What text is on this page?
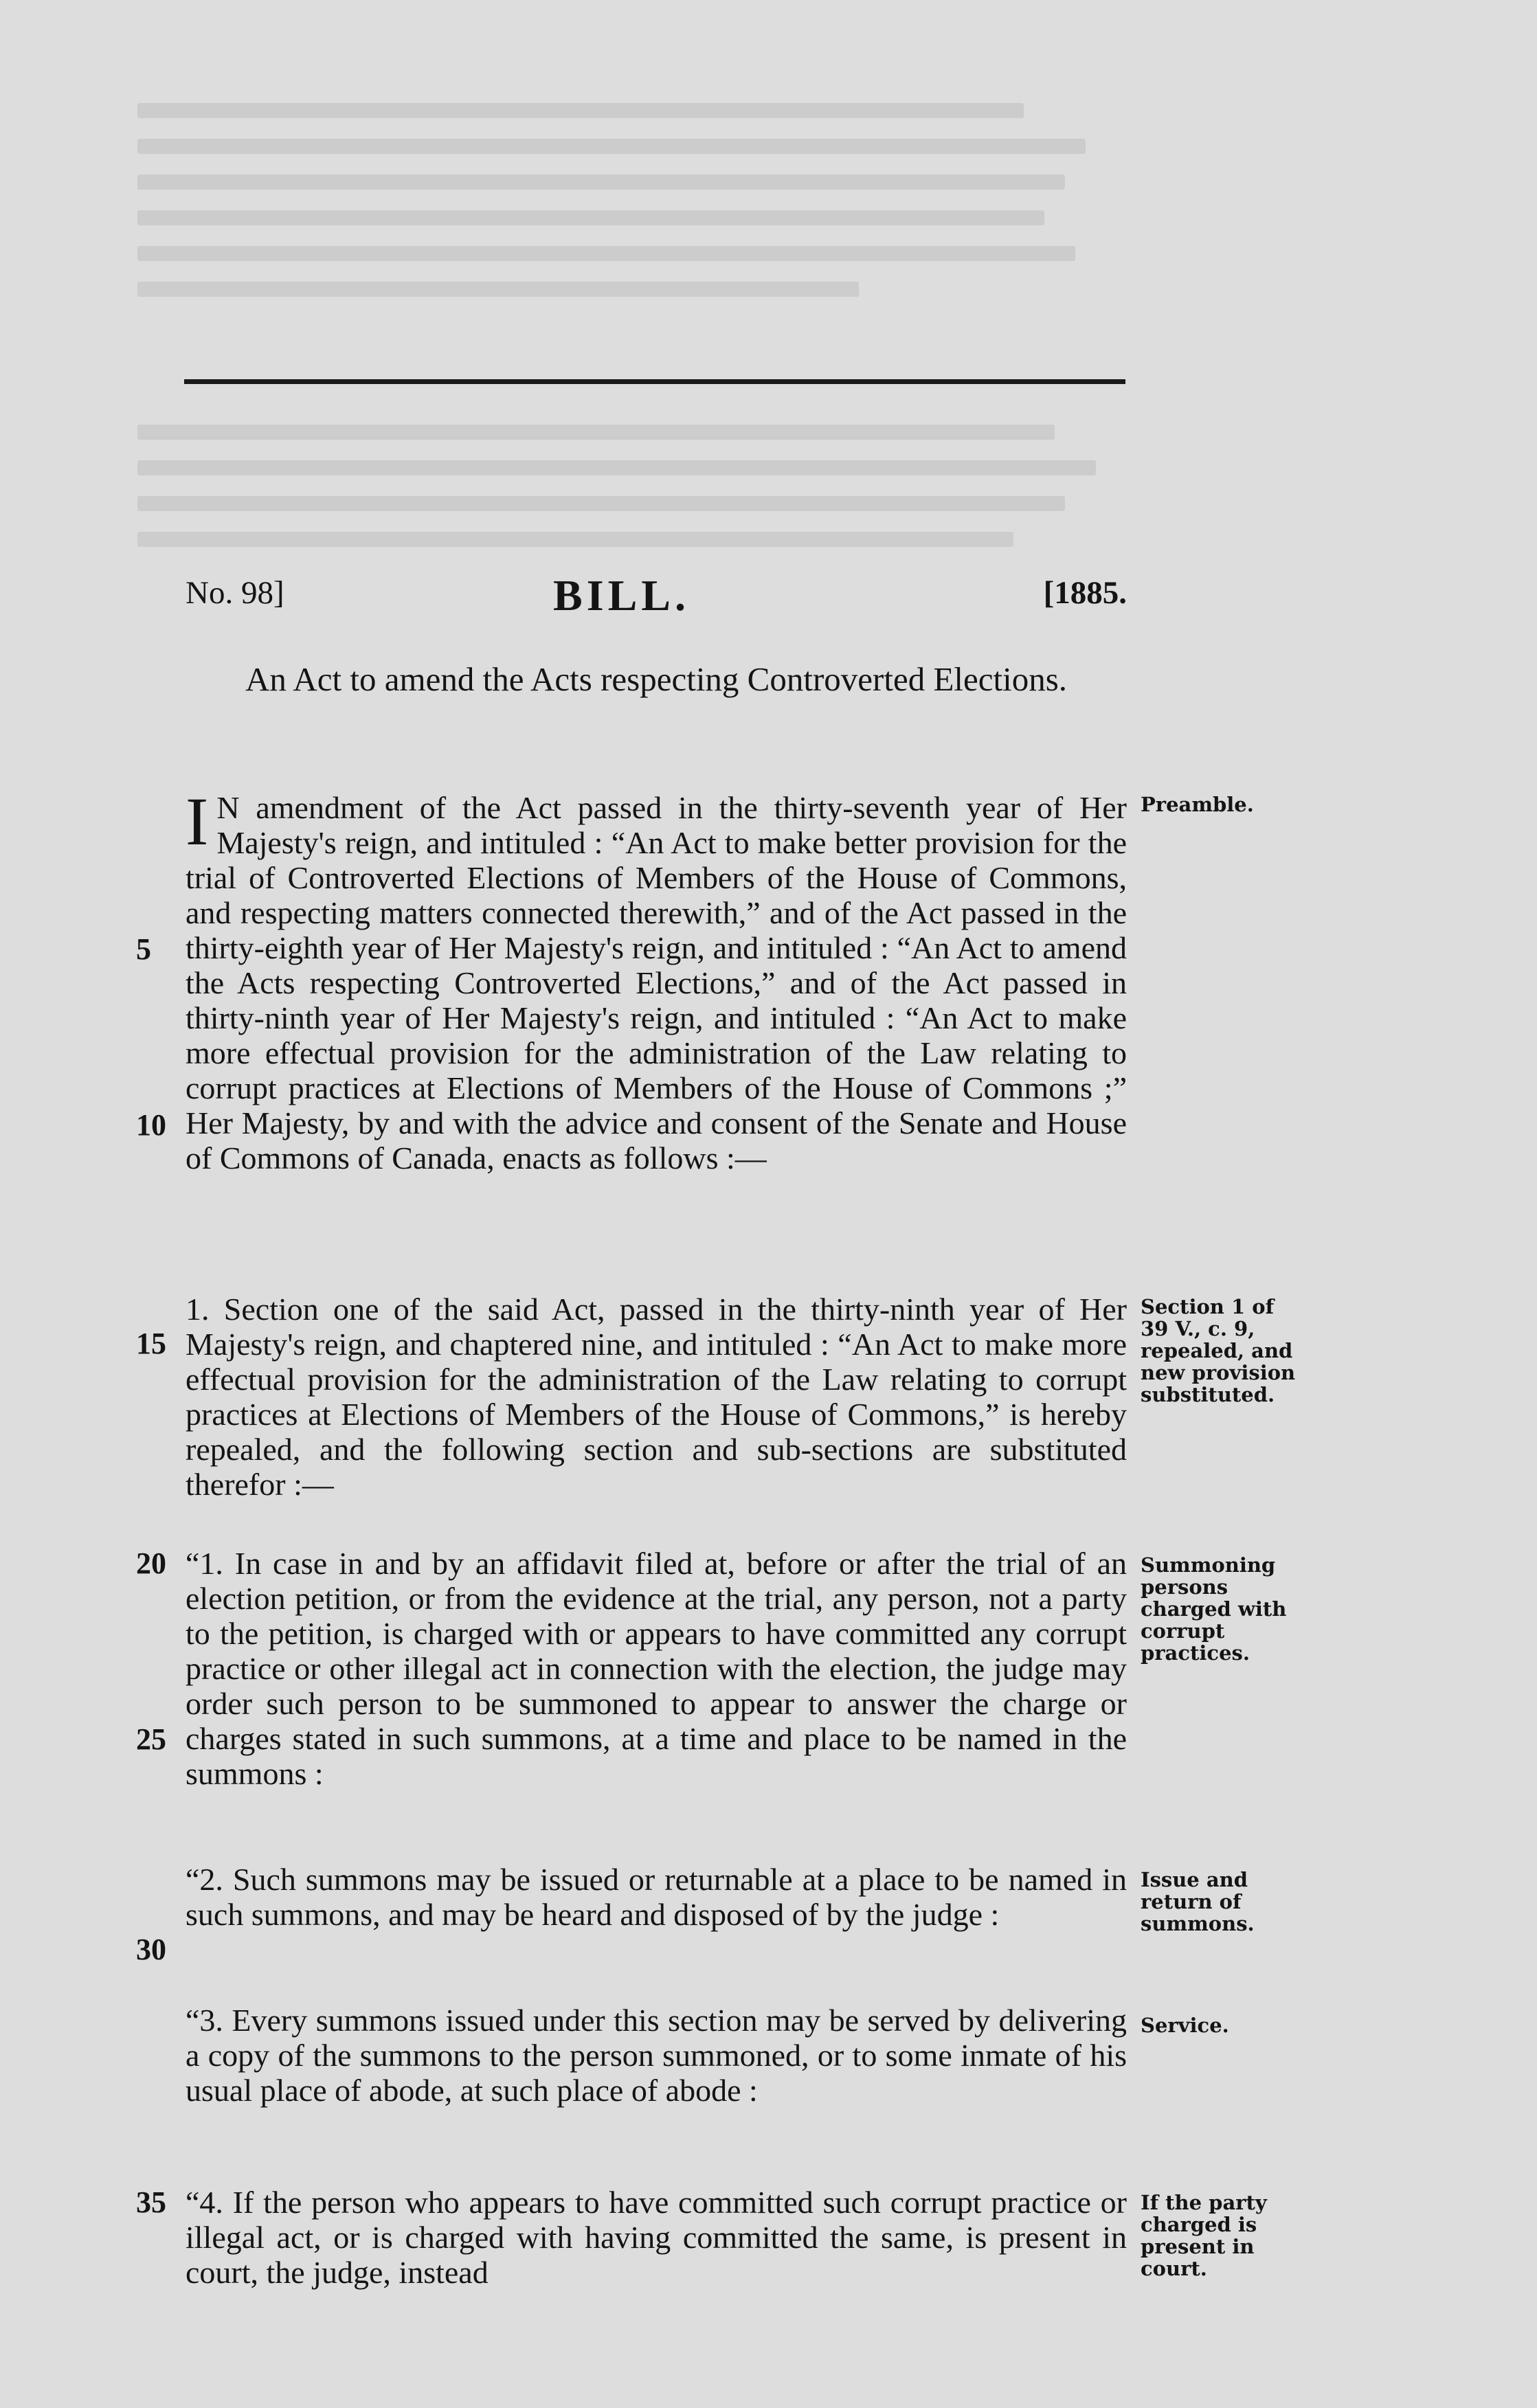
No. 98]	BILL.	[1885.
An Act to amend the Acts respecting Controverted Elections.
I N amendment of the Act passed in the thirty-seventh year of Her Majesty's reign, and intituled : “An Act to make better provision for the trial of Controverted Elections of Members of the House of Commons, and respecting matters connected therewith,” and of the Act passed in the thirty-eighth year of Her Majesty's reign, and intituled : “An Act to amend the Acts respecting Controverted Elections,” and of the Act passed in thirty-ninth year of Her Majesty's reign, and intituled : “An Act to make more effectual provision for the administration of the Law relating to corrupt practices at Elections of Members of the House of Commons ;” Her Majesty, by and with the advice and consent of the Senate and House of Commons of Canada, enacts as follows :—

Preamble.
5
10

1. Section one of the said Act, passed in the thirty-ninth year of Her Majesty's reign, and chaptered nine, and intituled : “An Act to make more effectual provision for the administration of the Law relating to corrupt practices at Elections of Members of the House of Commons,” is hereby repealed, and the following section and sub-sections are substituted therefor :—

Section 1 of 39 V., c. 9, repealed, and new provision substituted.
15

“1. In case in and by an affidavit filed at, before or after the trial of an election petition, or from the evidence at the trial, any person, not a party to the petition, is charged with or appears to have committed any corrupt practice or other illegal act in connection with the election, the judge may order such person to be summoned to appear to answer the charge or charges stated in such summons, at a time and place to be named in the summons :

Summoning persons charged with corrupt practices.
20
25

“2. Such summons may be issued or returnable at a place to be named in such summons, and may be heard and disposed of by the judge :

Issue and return of summons.
30

“3. Every summons issued under this section may be served by delivering a copy of the summons to the person summoned, or to some inmate of his usual place of abode, at such place of abode :

Service.

“4. If the person who appears to have committed such corrupt practice or illegal act, or is charged with having committed the same, is present in court, the judge, instead

If the party charged is present in court.
35
